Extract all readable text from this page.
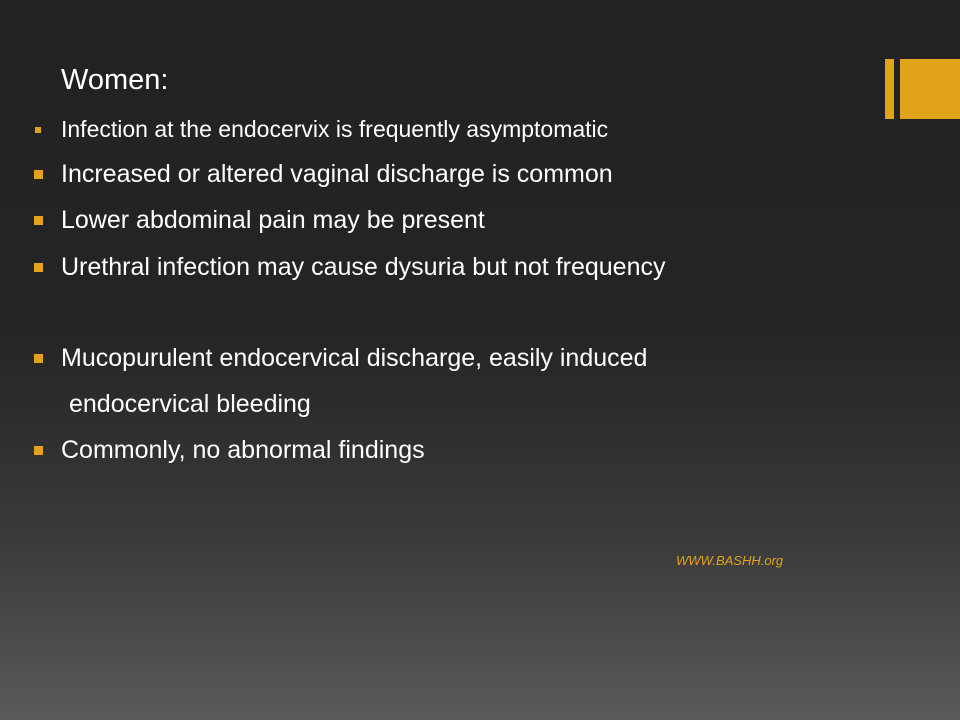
Women:
Infection at the endocervix is frequently asymptomatic
Increased or altered vaginal discharge is common
Lower abdominal pain may be present
Urethral infection may cause dysuria but not frequency
Mucopurulent endocervical discharge, easily induced
endocervical bleeding
Commonly, no abnormal findings
WWW.BASHH.org
